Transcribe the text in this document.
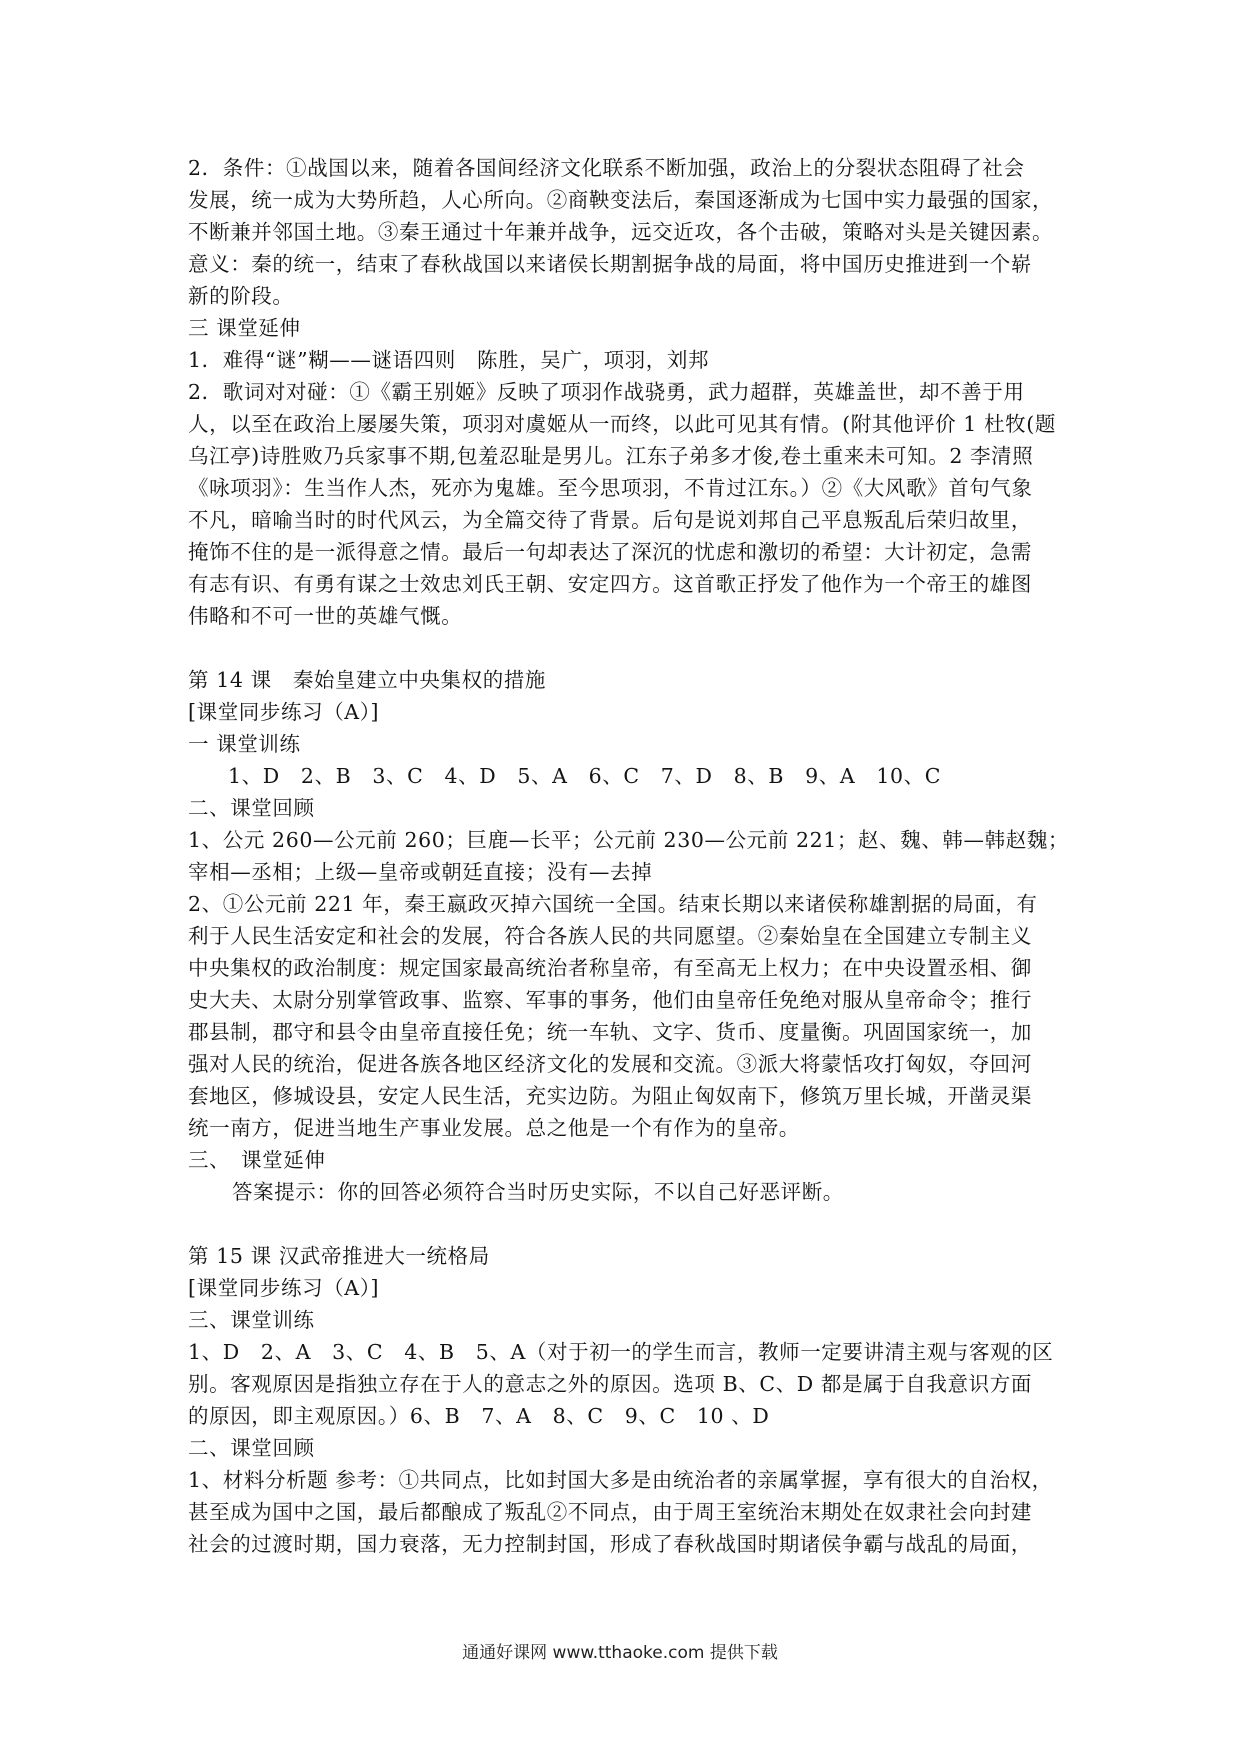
2．条件：①战国以来，随着各国间经济文化联系不断加强，政治上的分裂状态阻碍了社会
发展，统一成为大势所趋，人心所向。②商鞅变法后，秦国逐渐成为七国中实力最强的国家，
不断兼并邻国土地。③秦王通过十年兼并战争，远交近攻，各个击破，策略对头是关键因素。
意义：秦的统一，结束了春秋战国以来诸侯长期割据争战的局面，将中国历史推进到一个崭
新的阶段。
三 课堂延伸
1．难得“谜”糊——谜语四则　陈胜，吴广，项羽，刘邦
2．歌词对对碰：①《霸王别姬》反映了项羽作战骁勇，武力超群，英雄盖世，却不善于用
人，以至在政治上屡屡失策，项羽对虞姬从一而终，以此可见其有情。(附其他评价 1 杜牧(题
乌江亭)诗胜败乃兵家事不期,包羞忍耻是男儿。江东子弟多才俊,卷土重来未可知。2 李清照
《咏项羽》：生当作人杰，死亦为鬼雄。至今思项羽，不肯过江东。）②《大风歌》首句气象
不凡，暗喻当时的时代风云，为全篇交待了背景。后句是说刘邦自己平息叛乱后荣归故里，
掩饰不住的是一派得意之情。最后一句却表达了深沉的忧虑和激切的希望：大计初定，急需
有志有识、有勇有谋之士效忠刘氏王朝、安定四方。这首歌正抒发了他作为一个帝王的雄图
伟略和不可一世的英雄气慨。
第 14 课　秦始皇建立中央集权的措施
[课堂同步练习（A）]
一 课堂训练
1、D　2、B　3、C　4、D　5、A　6、C　7、D　8、B　9、A　10、C
二、课堂回顾
1、公元 260—公元前 260；巨鹿—长平；公元前 230—公元前 221；赵、魏、韩—韩赵魏；
宰相—丞相；上级—皇帝或朝廷直接；没有—去掉
2、①公元前 221 年，秦王嬴政灭掉六国统一全国。结束长期以来诸侯称雄割据的局面，有
利于人民生活安定和社会的发展，符合各族人民的共同愿望。②秦始皇在全国建立专制主义
中央集权的政治制度：规定国家最高统治者称皇帝，有至高无上权力；在中央设置丞相、御
史大夫、太尉分别掌管政事、监察、军事的事务，他们由皇帝任免绝对服从皇帝命令；推行
郡县制，郡守和县令由皇帝直接任免；统一车轨、文字、货币、度量衡。巩固国家统一，加
强对人民的统治，促进各族各地区经济文化的发展和交流。③派大将蒙恬攻打匈奴，夺回河
套地区，修城设县，安定人民生活，充实边防。为阻止匈奴南下，修筑万里长城，开凿灵渠
统一南方，促进当地生产事业发展。总之他是一个有作为的皇帝。
三、　课堂延伸
答案提示：你的回答必须符合当时历史实际，不以自己好恶评断。
第 15 课 汉武帝推进大一统格局
[课堂同步练习（A）]
三、课堂训练
1、D　2、A　3、C　4、B　5、A（对于初一的学生而言，教师一定要讲清主观与客观的区
别。客观原因是指独立存在于人的意志之外的原因。选项 B、C、D 都是属于自我意识方面
的原因，即主观原因。）6、B　7、A　8、C　9、C　10 、D
二、课堂回顾
1、材料分析题 参考：①共同点，比如封国大多是由统治者的亲属掌握，享有很大的自治权，
甚至成为国中之国，最后都酿成了叛乱②不同点，由于周王室统治末期处在奴隶社会向封建
社会的过渡时期，国力衰落，无力控制封国，形成了春秋战国时期诸侯争霸与战乱的局面，
通通好课网 www.tthaoke.com 提供下载
